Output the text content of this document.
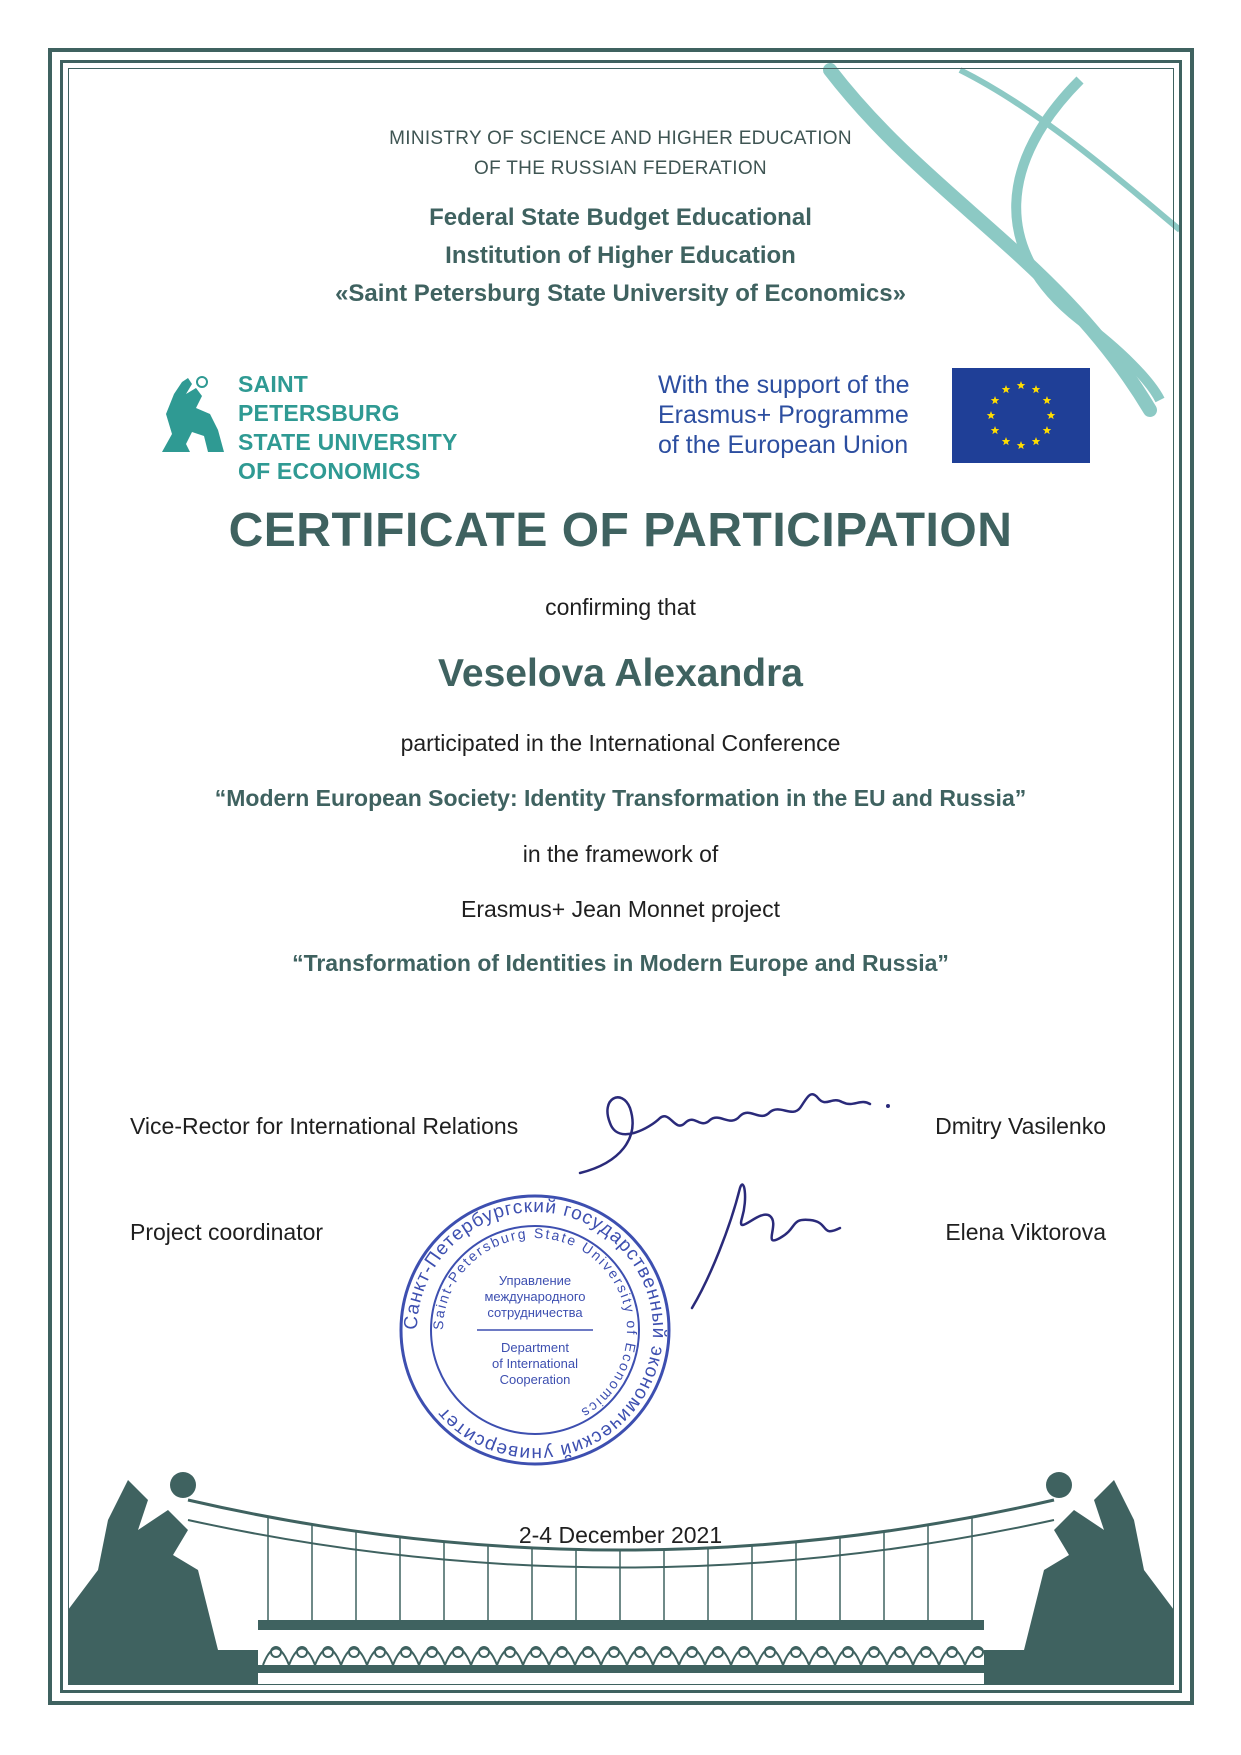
MINISTRY OF SCIENCE AND HIGHER EDUCATION
OF THE RUSSIAN FEDERATION
Federal State Budget Educational
Institution of Higher Education
«Saint Petersburg State University of Economics»
SAINT PETERSBURG
STATE UNIVERSITY
OF ECONOMICS
With the support of the
Erasmus+ Programme
of the European Union
CERTIFICATE OF PARTICIPATION
confirming that
Veselova Alexandra
participated in the International Conference
“Modern European Society: Identity Transformation in the EU and Russia”
in the framework of
Erasmus+ Jean Monnet project
“Transformation of Identities in Modern Europe and Russia”
Vice-Rector for International Relations	Dmitry Vasilenko
Project coordinator	Elena Viktorova
Санкт-Петербургский государственный экономический университет
Saint-Petersburg State University of Economics
Управление
международного
сотрудничества
Department
of International
Cooperation
2-4 December 2021
